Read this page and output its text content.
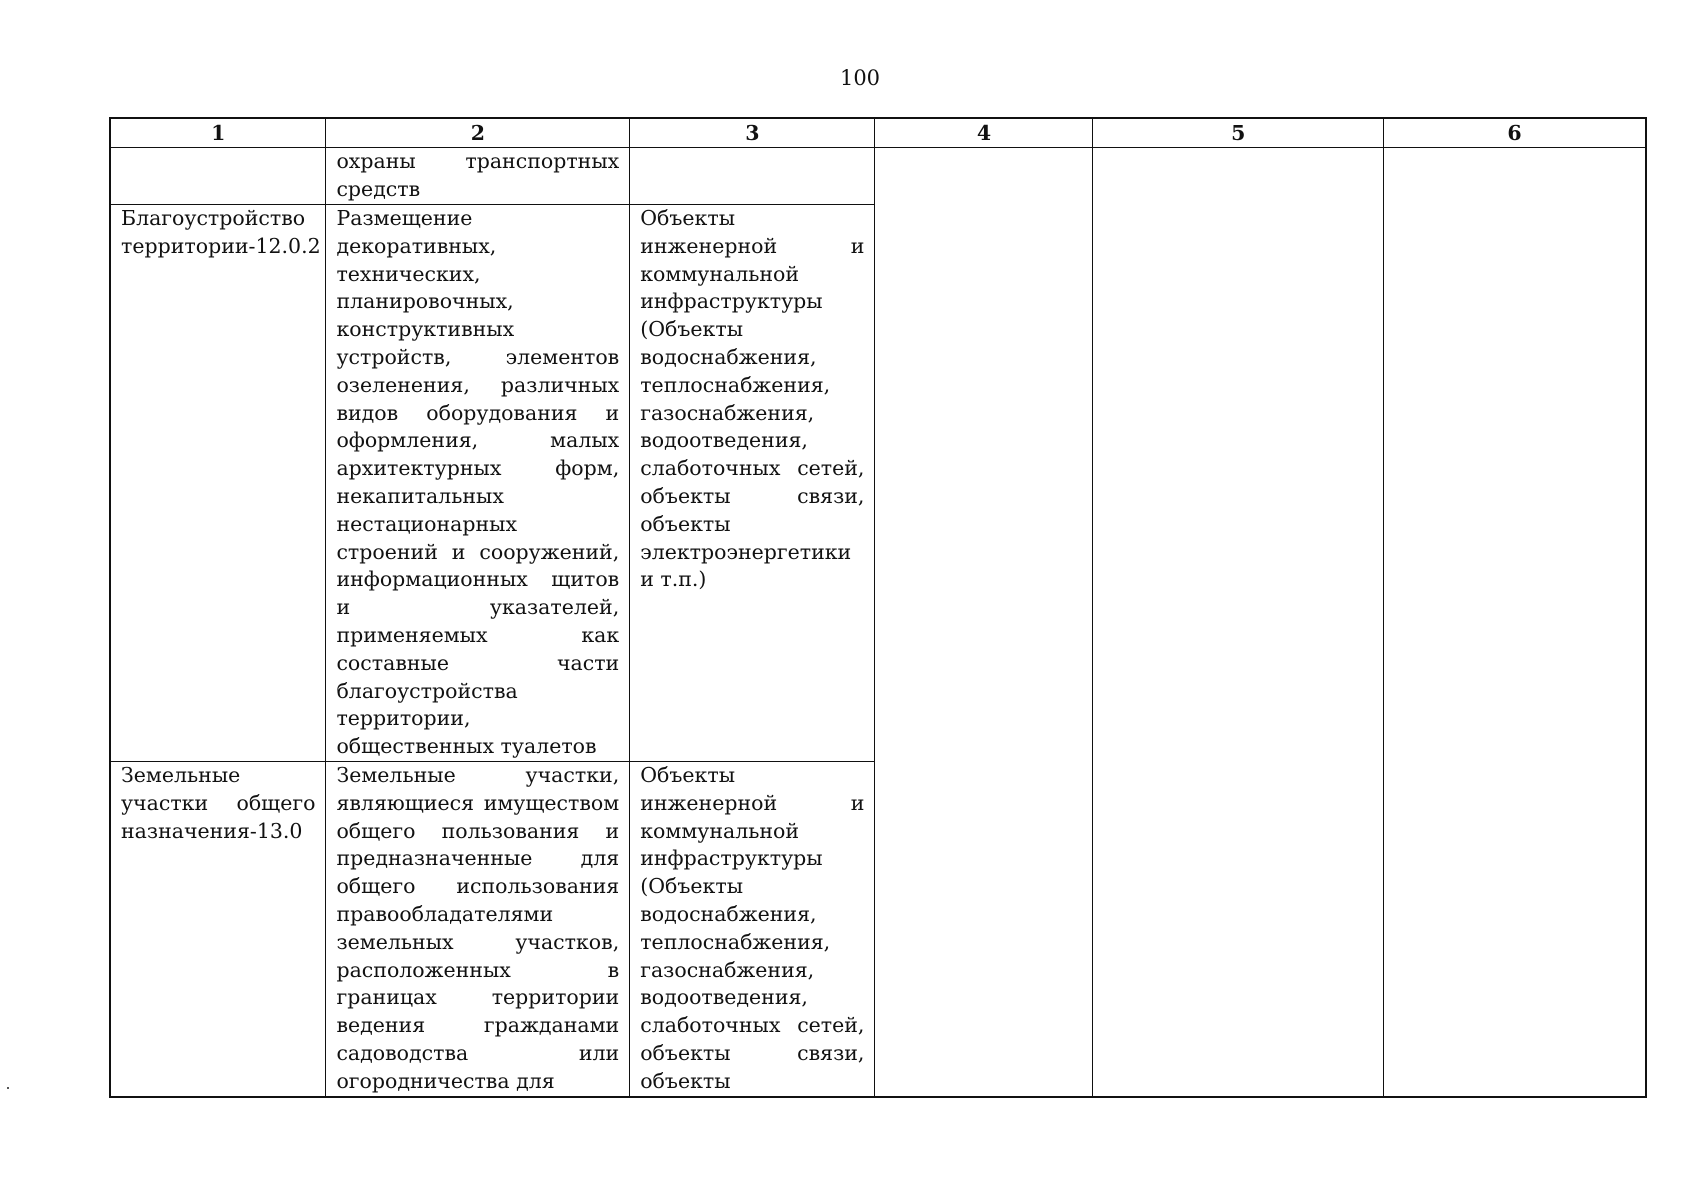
100
1	2	3	4	5	6
	охраны транспортных средств				
Благоустройство территории-12.0.2	Размещение декоративных, технических, планировочных, конструктивных устройств, элементов озеленения, различных видов оборудования и оформления, малых архитектурных форм, некапитальных нестационарных строений и сооружений, информационных щитов и указателей, применяемых как составные части благоустройства территории, общественных туалетов	Объекты инженерной и коммунальной инфраструктуры (Объекты водоснабжения, теплоснабжения, газоснабжения, водоотведения, слаботочных сетей, объекты связи, объекты электроэнергетики и т.п.)			
Земельные участки общего назначения-13.0	Земельные участки, являющиеся имуществом общего пользования и предназначенные для общего использования правообладателями земельных участков, расположенных в границах территории ведения гражданами садоводства или огородничества для	Объекты инженерной и коммунальной инфраструктуры (Объекты водоснабжения, теплоснабжения, газоснабжения, водоотведения, слаботочных сетей, объекты связи, объекты			
